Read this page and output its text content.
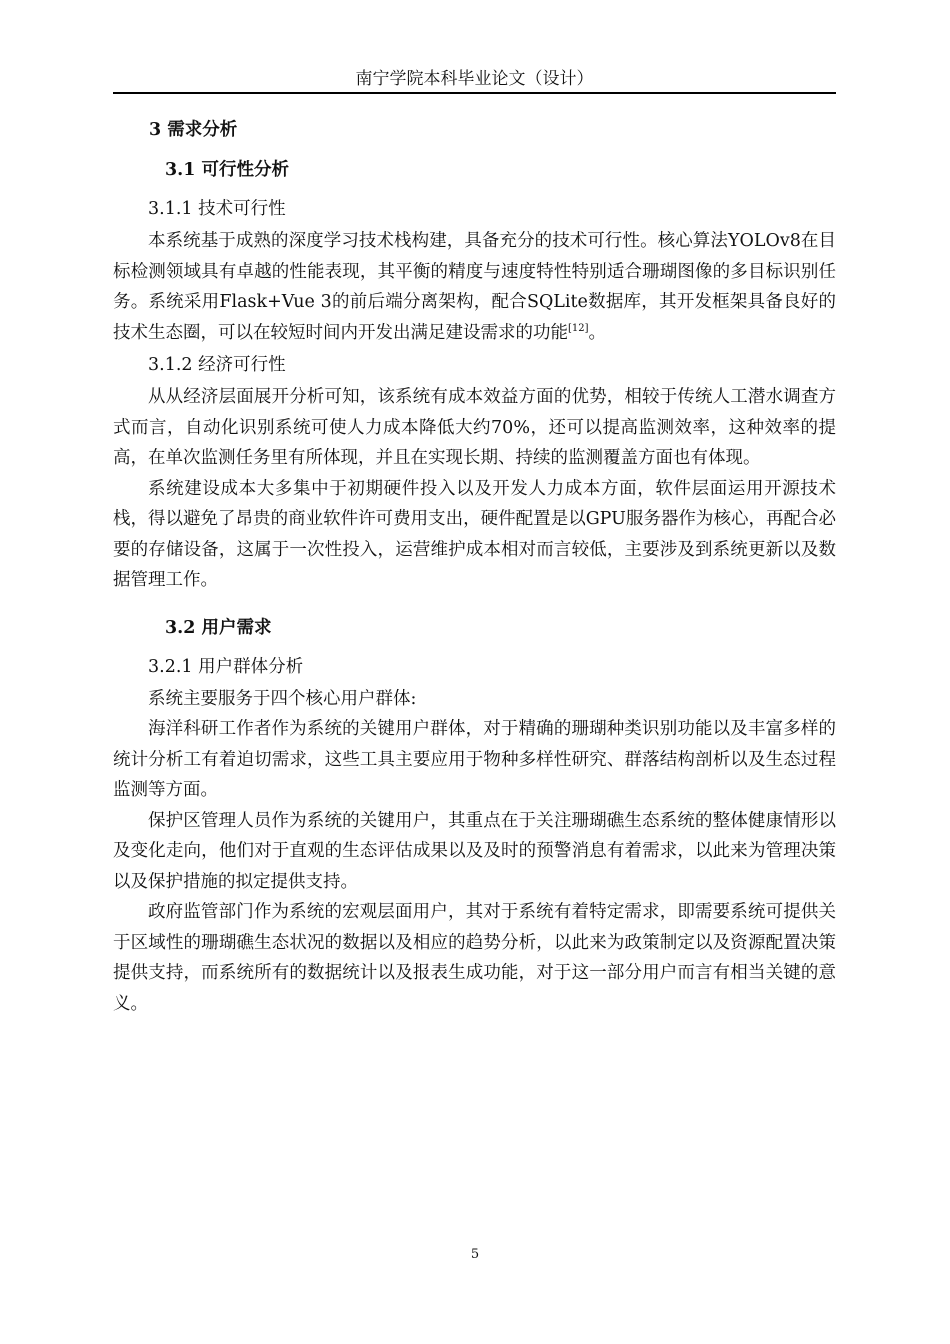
南宁学院本科毕业论文（设计）
3 需求分析
3.1 可行性分析
3.1.1 技术可行性

本系统基于成熟的深度学习技术栈构建，具备充分的技术可行性。核心算法YOLOv8在目标检测领域具有卓越的性能表现，其平衡的精度与速度特性特别适合珊瑚图像的多目标识别任务。系统采用Flask+Vue 3的前后端分离架构，配合SQLite数据库，其开发框架具备良好的技术生态圈，可以在较短时间内开发出满足建设需求的功能[12]。

3.1.2 经济可行性

从从经济层面展开分析可知，该系统有成本效益方面的优势，相较于传统人工潜水调查方式而言，自动化识别系统可使人力成本降低大约70%，还可以提高监测效率，这种效率的提高，在单次监测任务里有所体现，并且在实现长期、持续的监测覆盖方面也有体现。

系统建设成本大多集中于初期硬件投入以及开发人力成本方面，软件层面运用开源技术栈，得以避免了昂贵的商业软件许可费用支出，硬件配置是以GPU服务器作为核心，再配合必要的存储设备，这属于一次性投入，运营维护成本相对而言较低，主要涉及到系统更新以及数据管理工作。

3.2 用户需求
3.2.1 用户群体分析

系统主要服务于四个核心用户群体:

海洋科研工作者作为系统的关键用户群体，对于精确的珊瑚种类识别功能以及丰富多样的统计分析工有着迫切需求，这些工具主要应用于物种多样性研究、群落结构剖析以及生态过程监测等方面。

保护区管理人员作为系统的关键用户，其重点在于关注珊瑚礁生态系统的整体健康情形以及变化走向，他们对于直观的生态评估成果以及及时的预警消息有着需求，以此来为管理决策以及保护措施的拟定提供支持。

政府监管部门作为系统的宏观层面用户，其对于系统有着特定需求，即需要系统可提供关于区域性的珊瑚礁生态状况的数据以及相应的趋势分析，以此来为政策制定以及资源配置决策提供支持，而系统所有的数据统计以及报表生成功能，对于这一部分用户而言有相当关键的意义。

5
